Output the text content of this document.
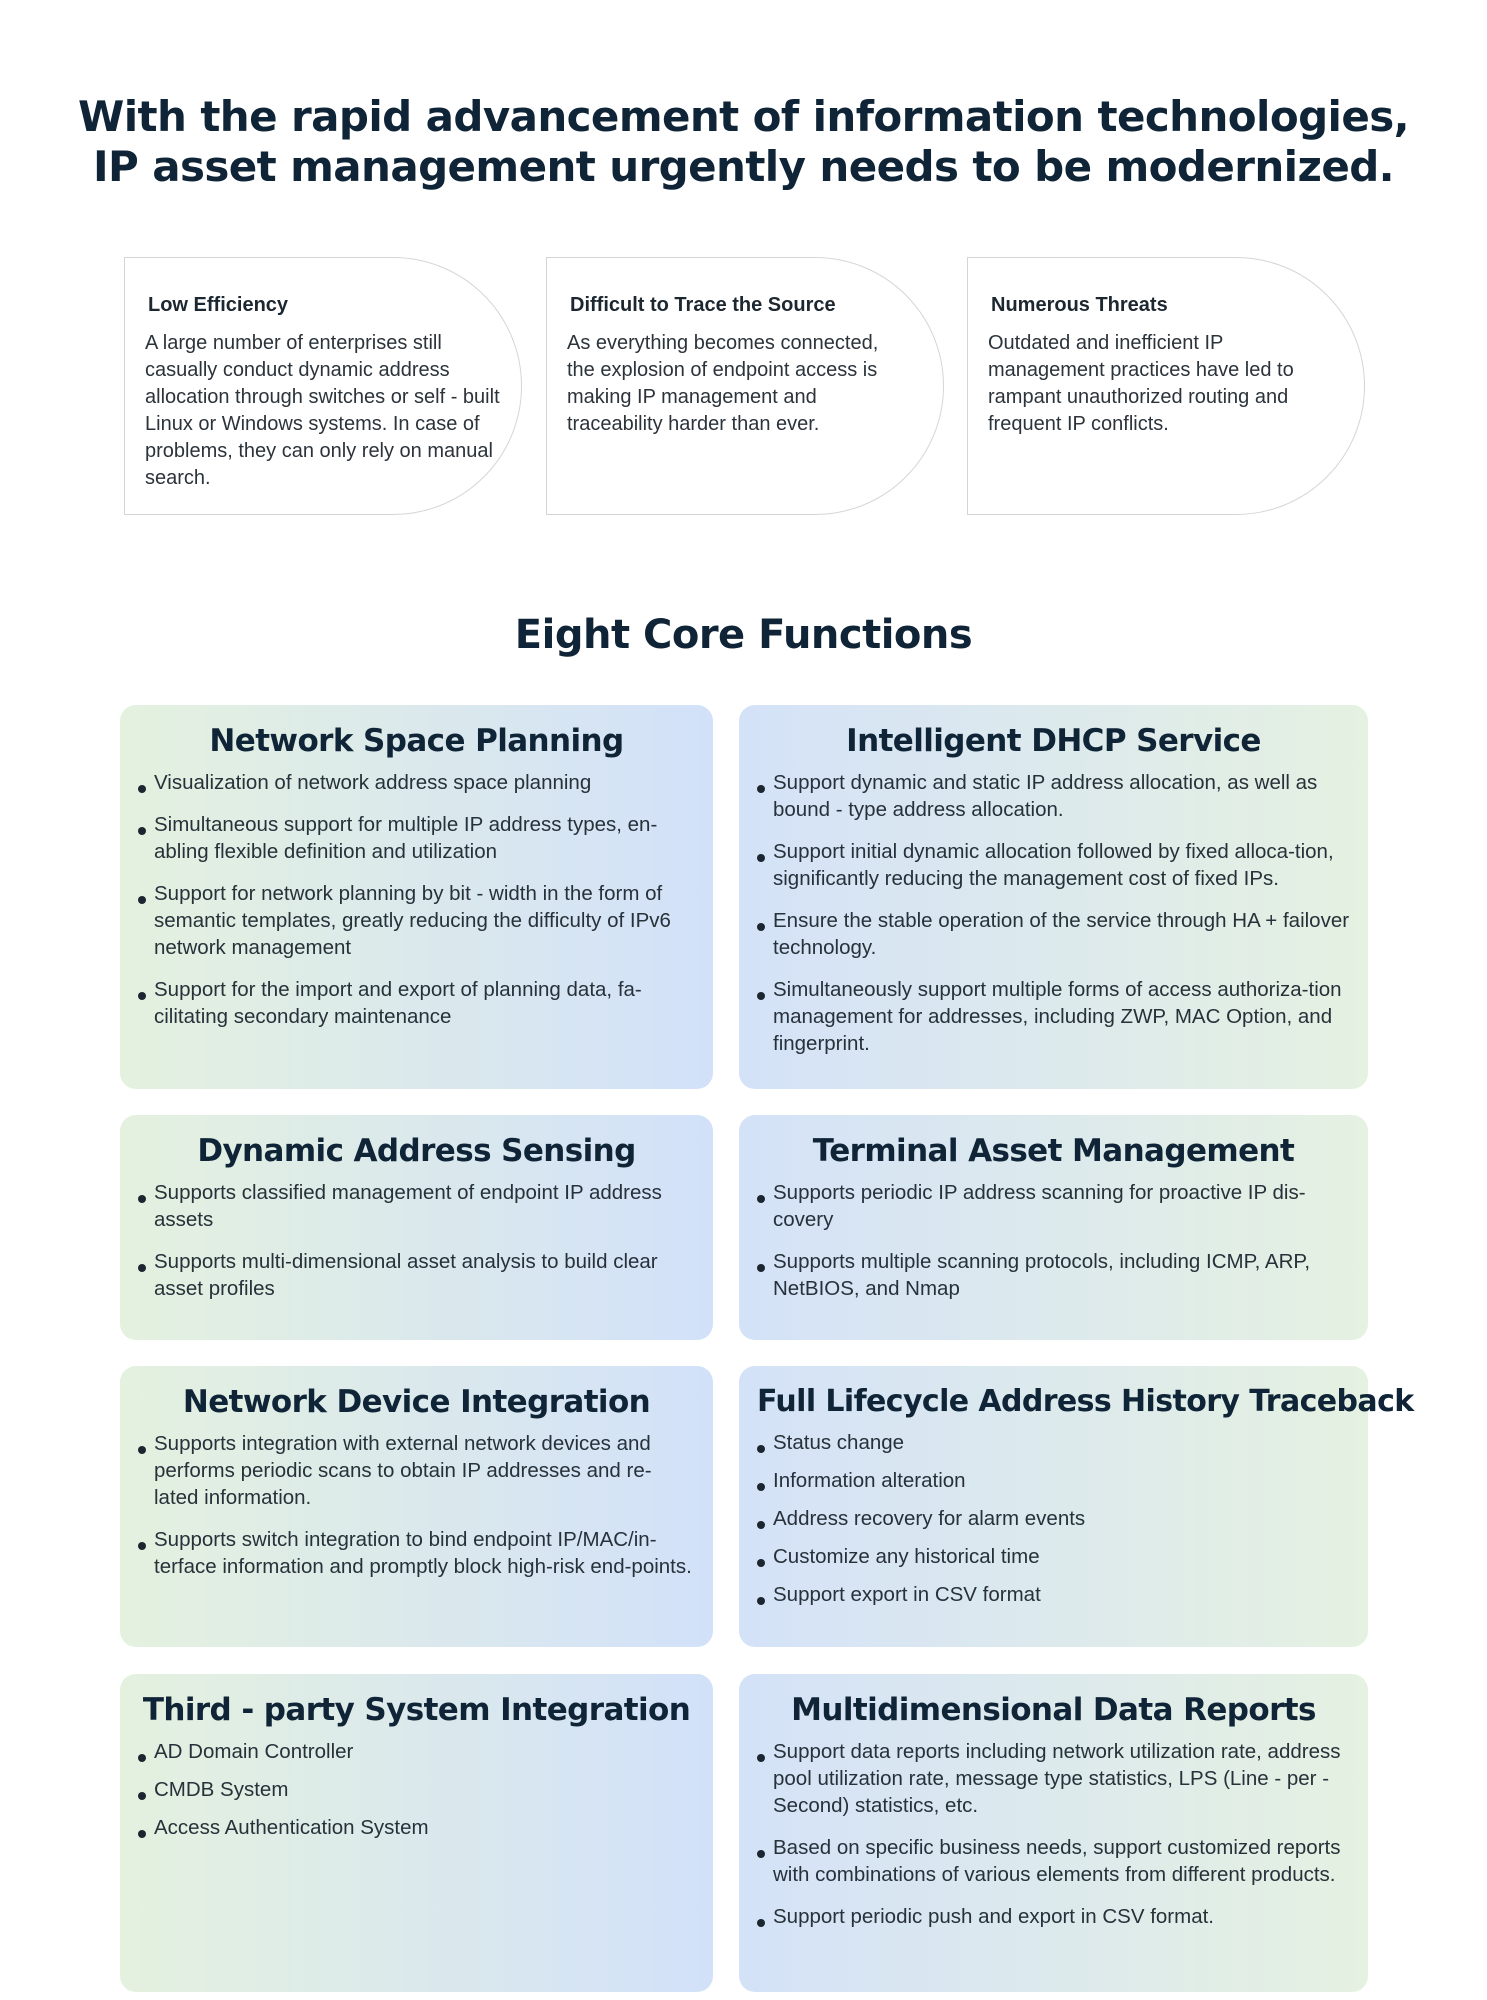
With the rapid advancement of information technologies,
IP asset management urgently needs to be modernized.

Low Efficiency

A large number of enterprises still casually conduct dynamic address allocation through switches or self - built Linux or Windows systems. In case of problems, they can only rely on manual search.

Difficult to Trace the Source

As everything becomes connected, the explosion of endpoint access is making IP management and traceability harder than ever.

Numerous Threats

Outdated and inefficient IP management practices have led to rampant unauthorized routing and frequent IP conflicts.

Eight Core Functions
Network Space Planning
Visualization of network address space planning
Simultaneous support for multiple IP address types, en-abling flexible definition and utilization
Support for network planning by bit - width in the form of semantic templates, greatly reducing the difficulty of IPv6 network management
Support for the import and export of planning data, fa-cilitating secondary maintenance
Intelligent DHCP Service
Support dynamic and static IP address allocation, as well as bound - type address allocation.
Support initial dynamic allocation followed by fixed alloca-tion, significantly reducing the management cost of fixed IPs.
Ensure the stable operation of the service through HA + failover technology.
Simultaneously support multiple forms of access authoriza-tion management for addresses, including ZWP, MAC Option, and fingerprint.
Dynamic Address Sensing
Supports classified management of endpoint IP address assets
Supports multi-dimensional asset analysis to build clear asset profiles
Terminal Asset Management
Supports periodic IP address scanning for proactive IP dis-covery
Supports multiple scanning protocols, including ICMP, ARP, NetBIOS, and Nmap
Network Device Integration
Supports integration with external network devices and performs periodic scans to obtain IP addresses and re-lated information.
Supports switch integration to bind endpoint IP/MAC/in-terface information and promptly block high-risk end-points.
Full Lifecycle Address History Traceback
Status change
Information alteration
Address recovery for alarm events
Customize any historical time
Support export in CSV format
Third - party System Integration
AD Domain Controller
CMDB System
Access Authentication System
Multidimensional Data Reports
Support data reports including network utilization rate, address pool utilization rate, message type statistics, LPS (Line - per - Second) statistics, etc.
Based on specific business needs, support customized reports with combinations of various elements from different products.
Support periodic push and export in CSV format.
